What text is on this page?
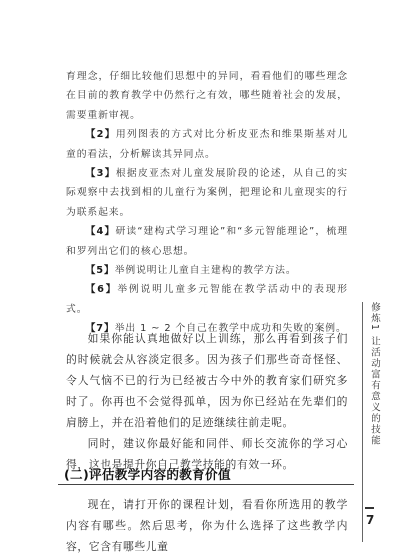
育理念，仔细比较他们思想中的异同，看看他们的哪些理念在目前的教育教学中仍然行之有效，哪些随着社会的发展，需要重新审视。

【2】用列图表的方式对比分析皮亚杰和维果斯基对儿童的看法，分析解读其异同点。

【3】根据皮亚杰对儿童发展阶段的论述，从自己的实际观察中去找到相的儿童行为案例，把理论和儿童现实的行为联系起来。

【4】研读“建构式学习理论”和“多元智能理论”，梳理和罗列出它们的核心思想。

【5】举例说明让儿童自主建构的教学方法。

【6】举例说明儿童多元智能在教学活动中的表现形式。

【7】举出 1 ~ 2 个自己在教学中成功和失败的案例。

如果你能认真地做好以上训练，那么再看到孩子们的时候就会从容淡定很多。因为孩子们那些奇奇怪怪、令人气恼不已的行为已经被古今中外的教育家们研究多时了。你再也不会觉得孤单，因为你已经站在先辈们的肩膀上，并在沿着他们的足迹继续往前走呢。

同时，建议你最好能和同伴、师长交流你的学习心得，这也是提升你自己教学技能的有效一环。

(二)评估教学内容的教育价值

现在，请打开你的课程计划，看看你所选用的教学内容有哪些。然后思考，你为什么选择了这些教学内容，它含有哪些儿童

修炼1 让活动富有意义的技能
7
